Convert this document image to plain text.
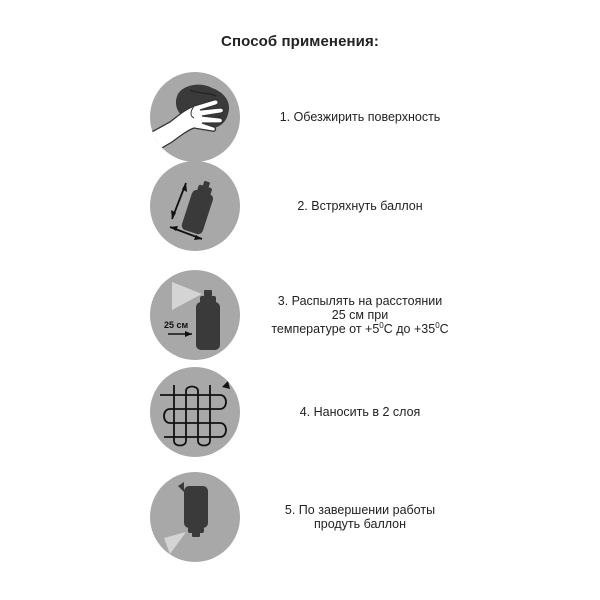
Способ применения:
1. Обезжирить поверхность
2. Встряхнуть баллон
25 см
3. Распылять на расстоянии
25 см при
температуре от $+5^0C$ до $+35^0C$
4. Наносить в 2 слоя
5. По завершении работы
продуть баллон
